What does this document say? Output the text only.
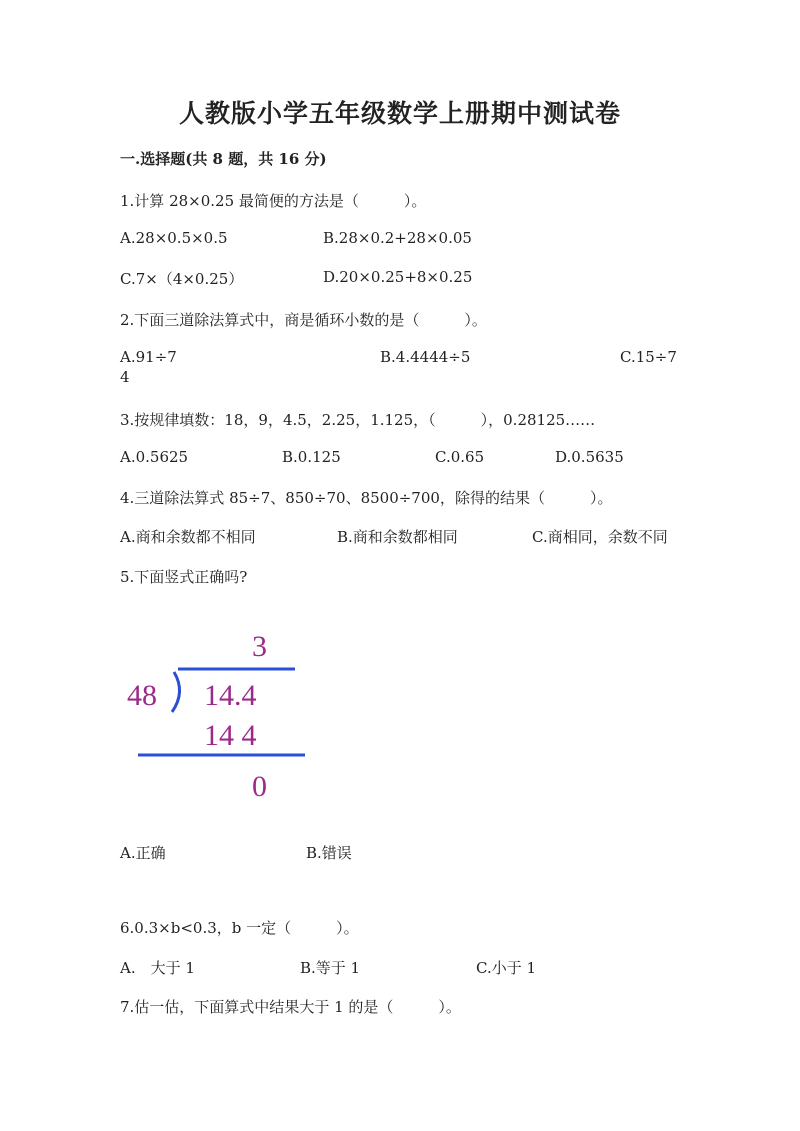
人教版小学五年级数学上册期中测试卷
一.选择题(共 8 题，共 16 分)
1.计算 28×0.25 最简便的方法是（　　　）。
A.28×0.5×0.5	B.28×0.2+28×0.05
C.7×（4×0.25）	D.20×0.25+8×0.25
2.下面三道除法算式中，商是循环小数的是（　　　）。
A.91÷7	B.4.4444÷5	C.15÷7
4
3.按规律填数：18，9，4.5，2.25，1.125，（　　　），0.28125……
A.0.5625	B.0.125	C.0.65	D.0.5635
4.三道除法算式 85÷7、850÷70、8500÷700，除得的结果（　　　）。
A.商和余数都不相同	B.商和余数都相同	C.商相同，余数不同
5.下面竖式正确吗?
3
48 14.4
14 4
0
A.正确	B.错误
6.0.3×b<0.3，b 一定（　　　）。
A.　大于 1	B.等于 1	C.小于 1
7.估一估，下面算式中结果大于 1 的是（　　　）。
